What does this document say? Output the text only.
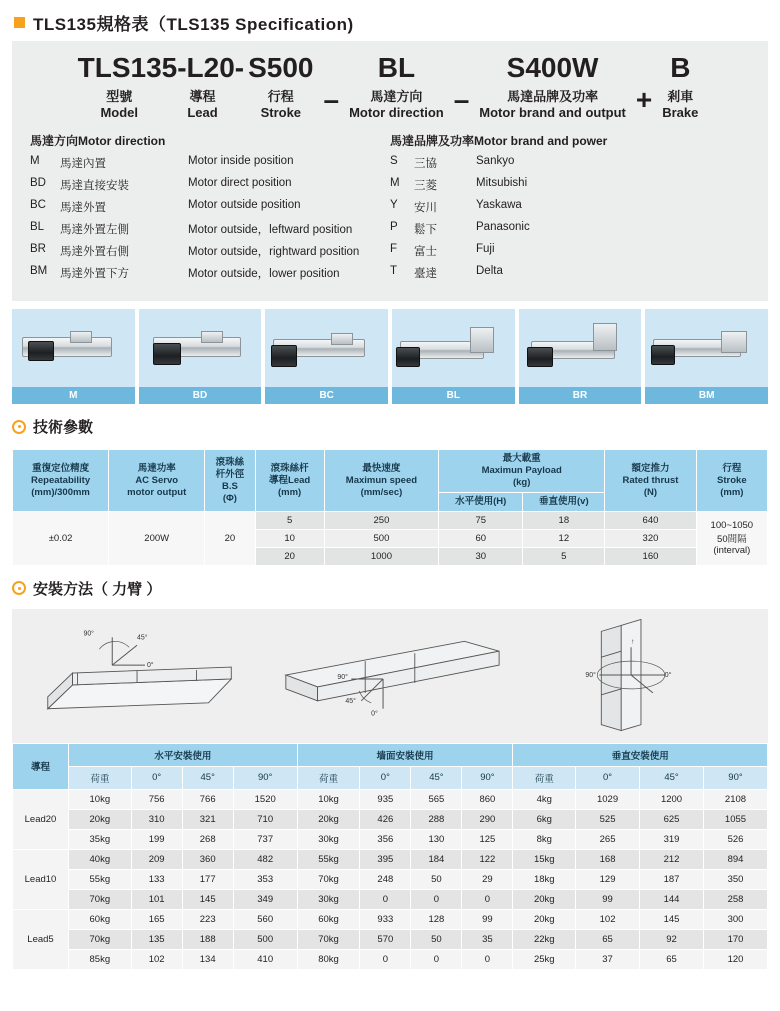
TLS135規格表（TLS135 Specification)
TLS135-L20-
型號
Model
導程
Lead
S500
行程
Stroke –
BL
馬達方向
Motor direction –
S400W
馬達品牌及功率
Motor brand and output +
B
剎車
Brake
馬達方向Motor direction
M	馬達內置	Motor inside position
BD	馬達直接安裝	Motor direct position
BC	馬達外置	Motor outside position
BL	馬達外置左側	Motor outside，leftward position
BR	馬達外置右側	Motor outside，rightward position
BM	馬達外置下方	Motor outside，lower position
馬達品牌及功率Motor brand and power
S	三協	Sankyo
M	三菱	Mitsubishi
Y	安川	Yaskawa
P	鬆下	Panasonic
F	富士	Fuji
T	臺達	Delta
M	BD	BC	BL	BR	BM
技術參數
重復定位精度
Repeatability
(mm)/300mm

馬達功率
AC Servo
motor output

滾珠絲
杆外徑
B.S
(Φ)

滾珠絲杆
導程Lead
(mm)

最快速度
Maximun speed
(mm/sec)

最大載重
Maximun Payload
(kg)

額定推力
Rated thrust
(N)

行程
Stroke
(mm)

					水平使用(H)	垂直使用(v)		
±0.02	200W	20	5	250	75	18	640	100~1050
50間隔
(interval)

			10	500	60	12	320	
			20	1000	30	5	160	
安裝方法（ 力臂 ）
90°
45°
0°
90°
45°
0°
↑
90°	0°
導程	水平安裝使用				墙面安裝使用				垂直安裝使用			
	荷重	0°	45°	90°	荷重	0°	45°	90°	荷重	0°	45°	90°
Lead20	10kg	756	766	1520	10kg	935	565	860	4kg	1029	1200	2108
	20kg	310	321	710	20kg	426	288	290	6kg	525	625	1055
	35kg	199	268	737	30kg	356	130	125	8kg	265	319	526
Lead10	40kg	209	360	482	55kg	395	184	122	15kg	168	212	894
	55kg	133	177	353	70kg	248	50	29	18kg	129	187	350
	70kg	101	145	349	30kg	0	0	0	20kg	99	144	258
Lead5	60kg	165	223	560	60kg	933	128	99	20kg	102	145	300
	70kg	135	188	500	70kg	570	50	35	22kg	65	92	170
	85kg	102	134	410	80kg	0	0	0	25kg	37	65	120
